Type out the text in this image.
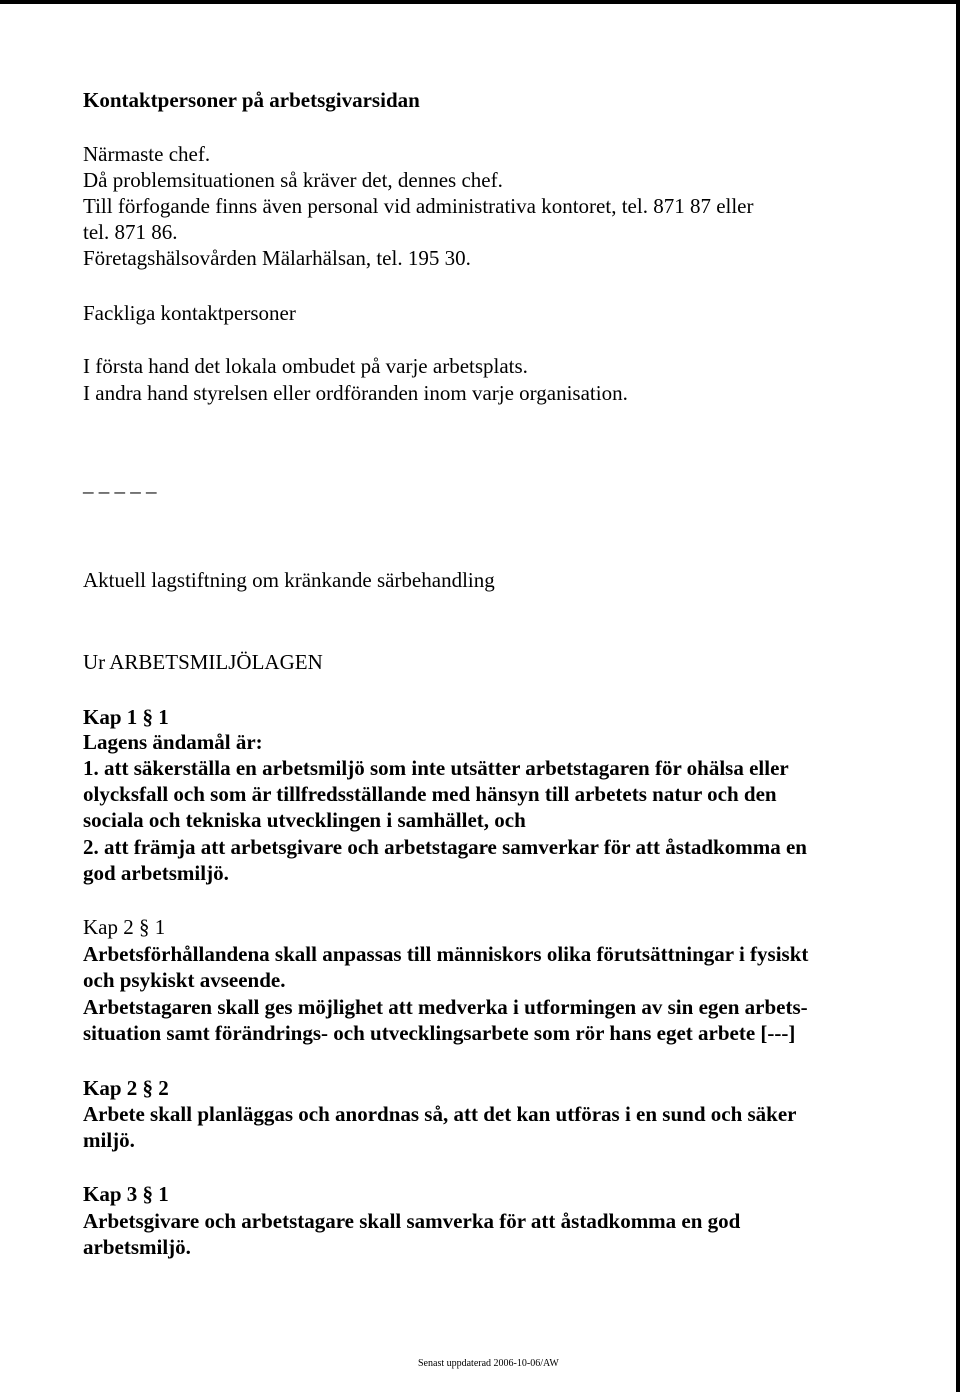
Kontaktpersoner på arbetsgivarsidan
Närmaste chef.
Då problemsituationen så kräver det, dennes chef.
Till förfogande finns även personal vid administrativa kontoret, tel. 871 87 eller
tel. 871 86.
Företagshälsovården Mälarhälsan, tel. 195 30.
Fackliga kontaktpersoner
I första hand det lokala ombudet på varje arbetsplats.
I andra hand styrelsen eller ordföranden inom varje organisation.
_ _ _ _ _
Aktuell lagstiftning om kränkande särbehandling
Ur ARBETSMILJÖLAGEN
Kap 1 § 1
Lagens ändamål är:
1. att säkerställa en arbetsmiljö som inte utsätter arbetstagaren för ohälsa eller
olycksfall och som är tillfredsställande med hänsyn till arbetets natur och den
sociala och tekniska utvecklingen i samhället, och
2. att främja att arbetsgivare och arbetstagare samverkar för att åstadkomma en
god arbetsmiljö.
Kap 2 § 1
Arbetsförhållandena skall anpassas till människors olika förutsättningar i fysiskt
och psykiskt avseende.
Arbetstagaren skall ges möjlighet att medverka i utformingen av sin egen arbets-
situation samt förändrings- och utvecklingsarbete som rör hans eget arbete [---]
Kap 2 § 2
Arbete skall planläggas och anordnas så, att det kan utföras i en sund och säker
miljö.
Kap 3 § 1
Arbetsgivare och arbetstagare skall samverka för att åstadkomma en god
arbetsmiljö.
Senast uppdaterad 2006-10-06/AW
